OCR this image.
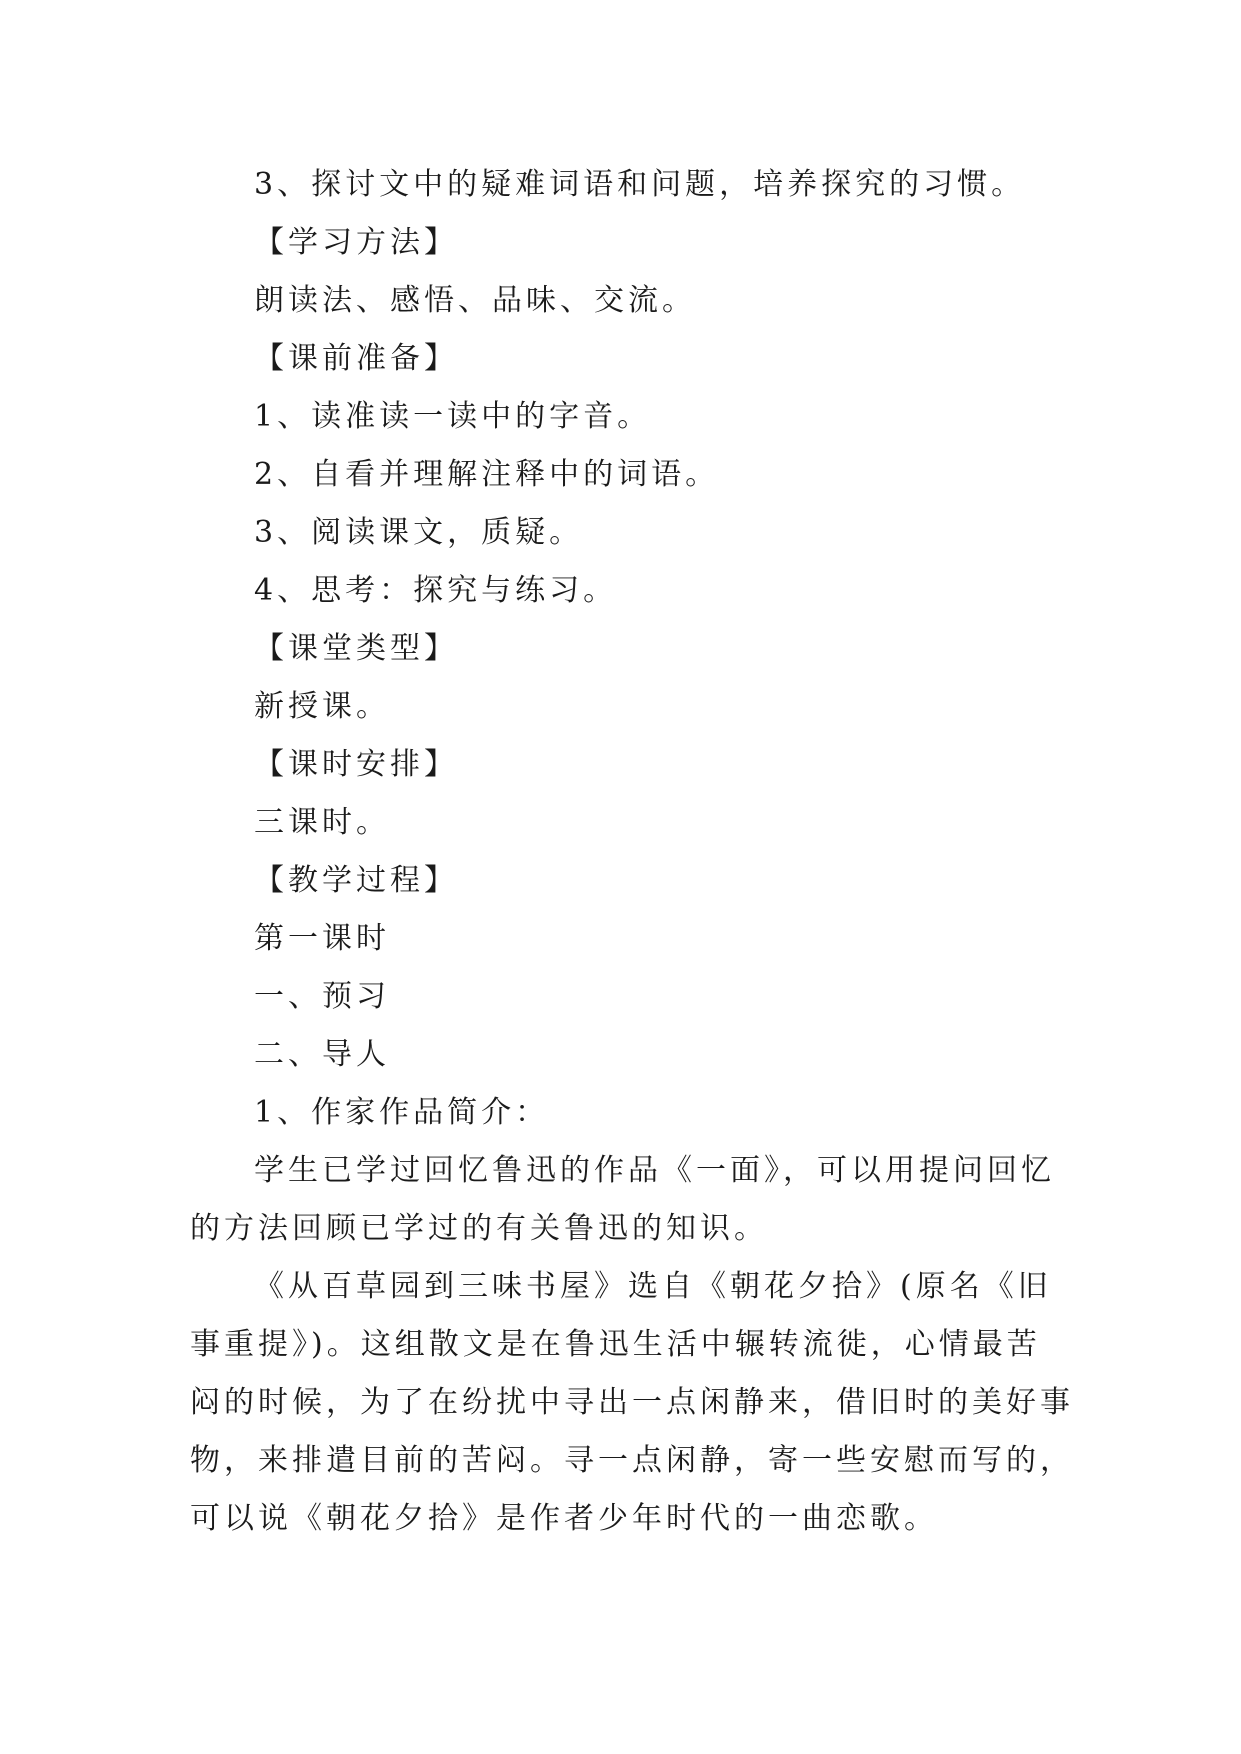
3、探讨文中的疑难词语和问题，培养探究的习惯。
【学习方法】
朗读法、感悟、品味、交流。
【课前准备】
1、读准读一读中的字音。
2、自看并理解注释中的词语。
3、阅读课文，质疑。
4、思考：探究与练习。
【课堂类型】
新授课。
【课时安排】
三课时。
【教学过程】
第一课时
一、预习
二、导人
1、作家作品简介：
学生已学过回忆鲁迅的作品《一面》，可以用提问回忆
的方法回顾已学过的有关鲁迅的知识。
《从百草园到三味书屋》选自《朝花夕拾》(原名《旧
事重提》)。这组散文是在鲁迅生活中辗转流徙，心情最苦
闷的时候，为了在纷扰中寻出一点闲静来，借旧时的美好事
物，来排遣目前的苦闷。寻一点闲静，寄一些安慰而写的，
可以说《朝花夕拾》是作者少年时代的一曲恋歌。
